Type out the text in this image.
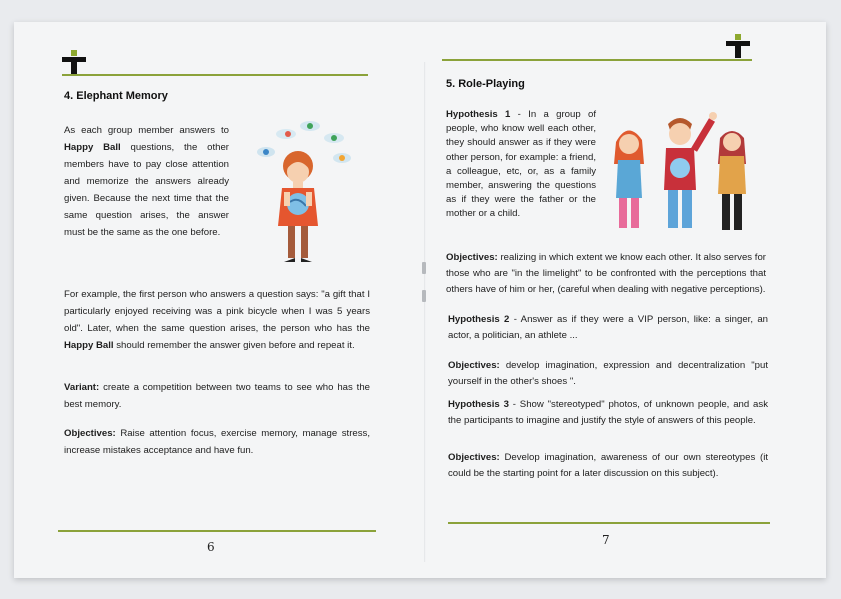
4. Elephant Memory

As each group member answers to Happy Ball questions, the other members have to pay close attention and memorize the answers already given. Because the next time that the same question arises, the answer must be the same as the one before.

For example, the first person who answers a question says: "a gift that I particularly enjoyed receiving was a pink bicycle when I was 5 years old". Later, when the same question arises, the person who has the Happy Ball should remember the answer given before and repeat it.

Variant: create a competition between two teams to see who has the best memory.

Objectives: Raise attention focus, exercise memory, manage stress, increase mistakes acceptance and have fun.

6
5. Role-Playing

Hypothesis 1 - In a group of people, who know well each other, they should answer as if they were other person, for example: a friend, a colleague, etc, or, as a family member, answering the questions as if they were the father or the mother or a child.

Objectives: realizing in which extent we know each other. It also serves for those who are "in the limelight" to be confronted with the perceptions that others have of him or her, (careful when dealing with negative perceptions).

Hypothesis 2 - Answer as if they were a VIP person, like: a singer, an actor, a politician, an athlete ...

Objectives: develop imagination, expression and decentralization "put yourself in the other's shoes ".

Hypothesis 3 - Show "stereotyped" photos, of unknown people, and ask the participants to imagine and justify the style of answers of this people.

Objectives: Develop imagination, awareness of our own stereotypes (it could be the starting point for a later discussion on this subject).

7
